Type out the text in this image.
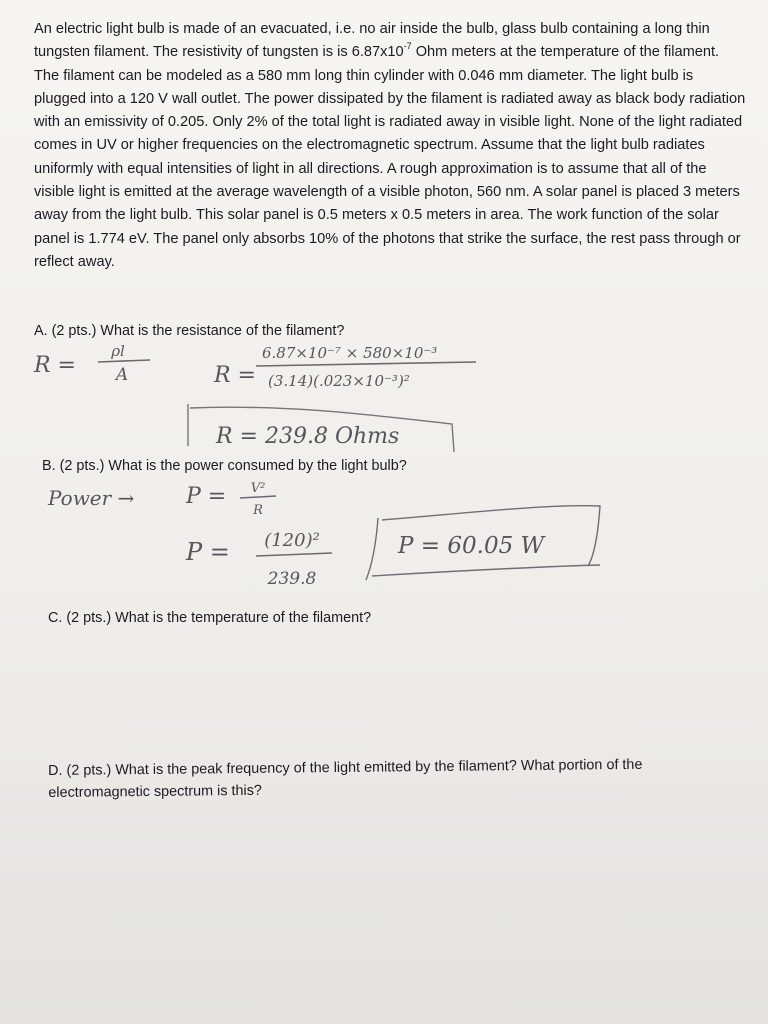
An electric light bulb is made of an evacuated, i.e. no air inside the bulb, glass bulb containing a long thin tungsten filament. The resistivity of tungsten is is $6.87x10^{-7}$ Ohm meters at the temperature of the filament. The filament can be modeled as a 580 mm long thin cylinder with 0.046 mm diameter. The light bulb is plugged into a 120 V wall outlet. The power dissipated by the filament is radiated away as black body radiation with an emissivity of 0.205. Only 2% of the total light is radiated away in visible light. None of the light radiated comes in UV or higher frequencies on the electromagnetic spectrum. Assume that the light bulb radiates uniformly with equal intensities of light in all directions. A rough approximation is to assume that all of the visible light is emitted at the average wavelength of a visible photon, 560 nm. A solar panel is placed 3 meters away from the light bulb. This solar panel is 0.5 meters x 0.5 meters in area. The work function of the solar panel is 1.774 eV. The panel only absorbs 10% of the photons that strike the surface, the rest pass through or reflect away.

A. (2 pts.) What is the resistance of the filament?

B. (2 pts.) What is the power consumed by the light bulb?

C. (2 pts.) What is the temperature of the filament?

D. (2 pts.) What is the peak frequency of the light emitted by the filament? What portion of the electromagnetic spectrum is this?

R =
ρl
A	R =
6.87×10⁻⁷ × 580×10⁻³
(3.14)(.023×10⁻³)²
R = 239.8 Ohms
Power → P = V²
R
P = (120)²
239.8
P = 60.05 W
